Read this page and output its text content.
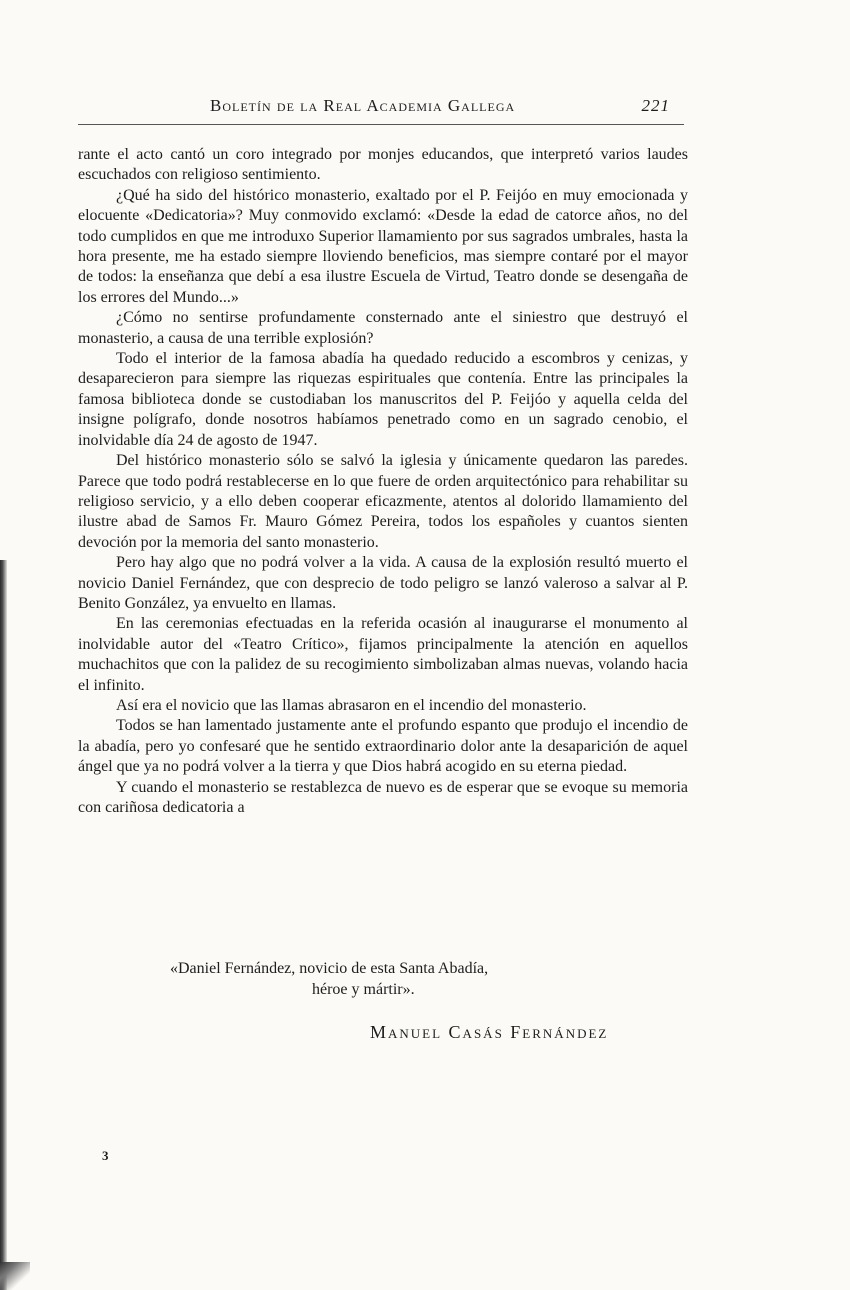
Boletín de la Real Academia Gallega	221

rante el acto cantó un coro integrado por monjes educandos, que interpretó varios laudes escuchados con religioso sentimiento.

¿Qué ha sido del histórico monasterio, exaltado por el P. Feijóo en muy emocionada y elocuente «Dedicatoria»? Muy conmovido exclamó: «Desde la edad de catorce años, no del todo cumplidos en que me introduxo Superior llamamiento por sus sagrados umbrales, hasta la hora presente, me ha estado siempre lloviendo beneficios, mas siempre contaré por el mayor de todos: la enseñanza que debí a esa ilustre Escuela de Virtud, Teatro donde se desengaña de los errores del Mundo...»

¿Cómo no sentirse profundamente consternado ante el siniestro que destruyó el monasterio, a causa de una terrible explosión?

Todo el interior de la famosa abadía ha quedado reducido a escombros y cenizas, y desaparecieron para siempre las riquezas espirituales que contenía. Entre las principales la famosa biblioteca donde se custodiaban los manuscritos del P. Feijóo y aquella celda del insigne polígrafo, donde nosotros habíamos penetrado como en un sagrado cenobio, el inolvidable día 24 de agosto de 1947.

Del histórico monasterio sólo se salvó la iglesia y únicamente quedaron las paredes. Parece que todo podrá restablecerse en lo que fuere de orden arquitectónico para rehabilitar su religioso servicio, y a ello deben cooperar eficazmente, atentos al dolorido llamamiento del ilustre abad de Samos Fr. Mauro Gómez Pereira, todos los españoles y cuantos sienten devoción por la memoria del santo monasterio.

Pero hay algo que no podrá volver a la vida. A causa de la explosión resultó muerto el novicio Daniel Fernández, que con desprecio de todo peligro se lanzó valeroso a salvar al P. Benito González, ya envuelto en llamas.

En las ceremonias efectuadas en la referida ocasión al inaugurarse el monumento al inolvidable autor del «Teatro Crítico», fijamos principalmente la atención en aquellos muchachitos que con la palidez de su recogimiento simbolizaban almas nuevas, volando hacia el infinito.

Así era el novicio que las llamas abrasaron en el incendio del monasterio.

Todos se han lamentado justamente ante el profundo espanto que produjo el incendio de la abadía, pero yo confesaré que he sentido extraordinario dolor ante la desaparición de aquel ángel que ya no podrá volver a la tierra y que Dios habrá acogido en su eterna piedad.

Y cuando el monasterio se restablezca de nuevo es de esperar que se evoque su memoria con cariñosa dedicatoria a

«Daniel Fernández, novicio de esta Santa Abadía,
héroe y mártir».
Manuel Casás Fernández
3
